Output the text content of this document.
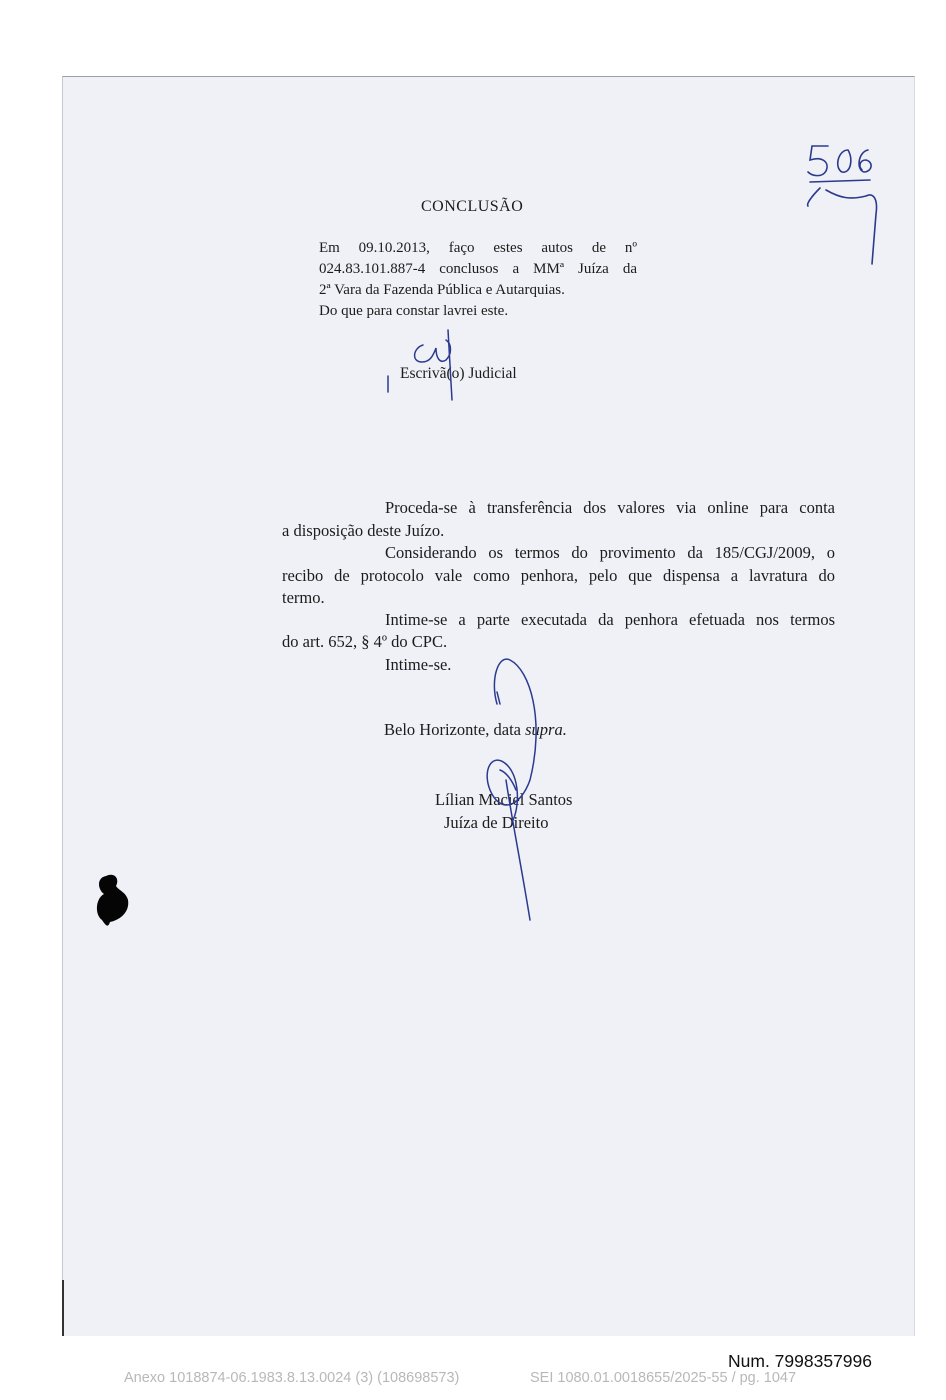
CONCLUSÃO
Em 09.10.2013, faço estes autos de nº
024.83.101.887-4 conclusos a MMª Juíza da
2ª Vara da Fazenda Pública e Autarquias.
Do que para constar lavrei este.
Escrivã(o) Judicial
Proceda-se à transferência dos valores via online para conta
a disposição deste Juízo.
Considerando os termos do provimento da 185/CGJ/2009, o
recibo de protocolo vale como penhora, pelo que dispensa a lavratura do
termo.
Intime-se a parte executada da penhora efetuada nos termos
do art. 652, § 4º do CPC.
Intime-se.
Belo Horizonte, data supra.
Lílian Maciel Santos
Juíza de Direito
Num. 7998357996
Anexo 1018874-06.1983.8.13.0024 (3) (108698573)	SEI 1080.01.0018655/2025-55 / pg. 1047
